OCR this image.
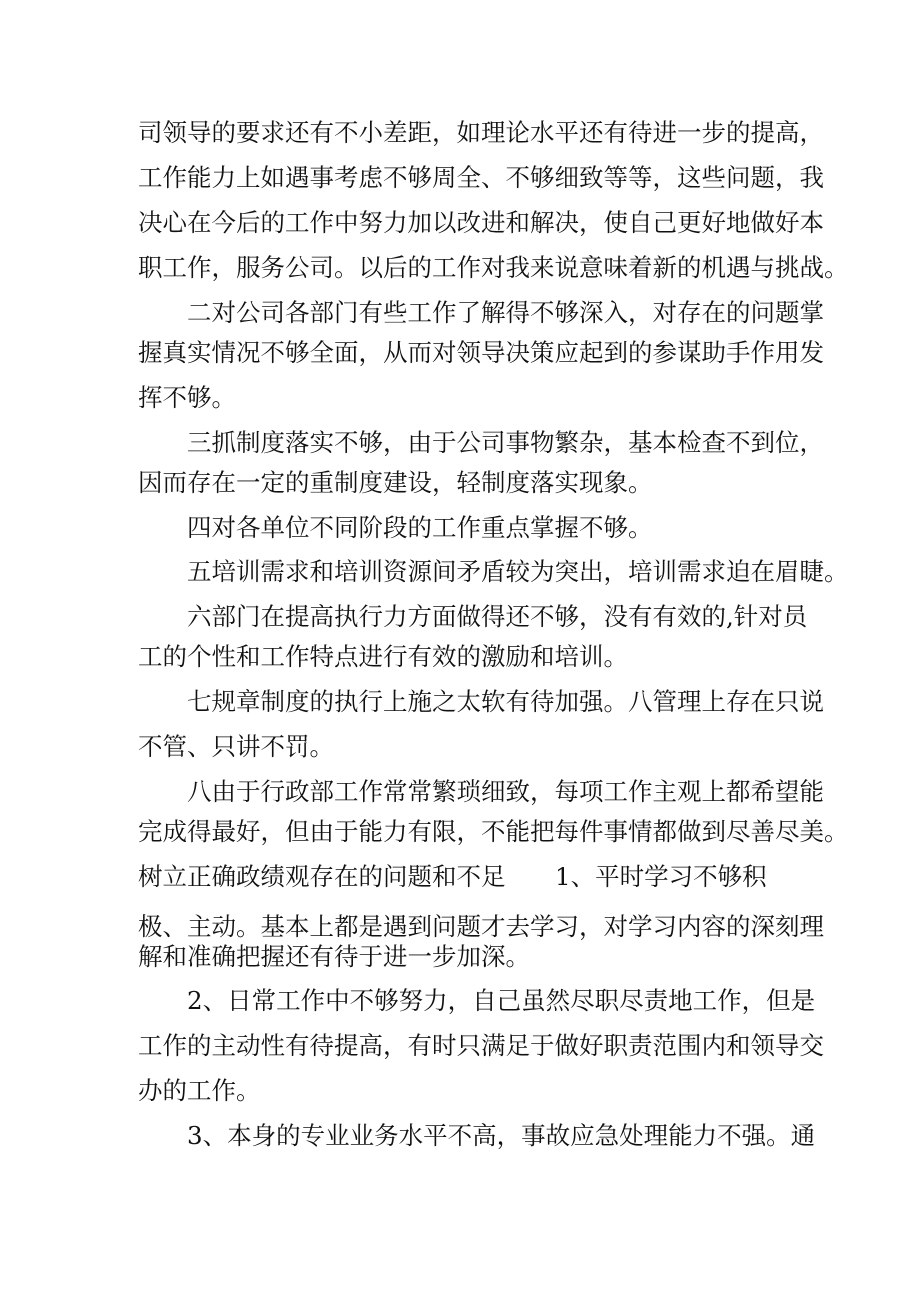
司领导的要求还有不小差距，如理论水平还有待进一步的提高，
工作能力上如遇事考虑不够周全、不够细致等等，这些问题，我
决心在今后的工作中努力加以改进和解决，使自己更好地做好本
职工作，服务公司。以后的工作对我来说意味着新的机遇与挑战。
二对公司各部门有些工作了解得不够深入，对存在的问题掌
握真实情况不够全面，从而对领导决策应起到的参谋助手作用发
挥不够。
三抓制度落实不够，由于公司事物繁杂，基本检查不到位，
因而存在一定的重制度建设，轻制度落实现象。
四对各单位不同阶段的工作重点掌握不够。
五培训需求和培训资源间矛盾较为突出，培训需求迫在眉睫。
六部门在提高执行力方面做得还不够，没有有效的,针对员
工的个性和工作特点进行有效的激励和培训。
七规章制度的执行上施之太软有待加强。八管理上存在只说
不管、只讲不罚。
八由于行政部工作常常繁琐细致，每项工作主观上都希望能
完成得最好，但由于能力有限，不能把每件事情都做到尽善尽美。
树立正确政绩观存在的问题和不足 1、平时学习不够积
极、主动。基本上都是遇到问题才去学习，对学习内容的深刻理
解和准确把握还有待于进一步加深。
2、日常工作中不够努力，自己虽然尽职尽责地工作，但是
工作的主动性有待提高，有时只满足于做好职责范围内和领导交
办的工作。
3、本身的专业业务水平不高，事故应急处理能力不强。通
